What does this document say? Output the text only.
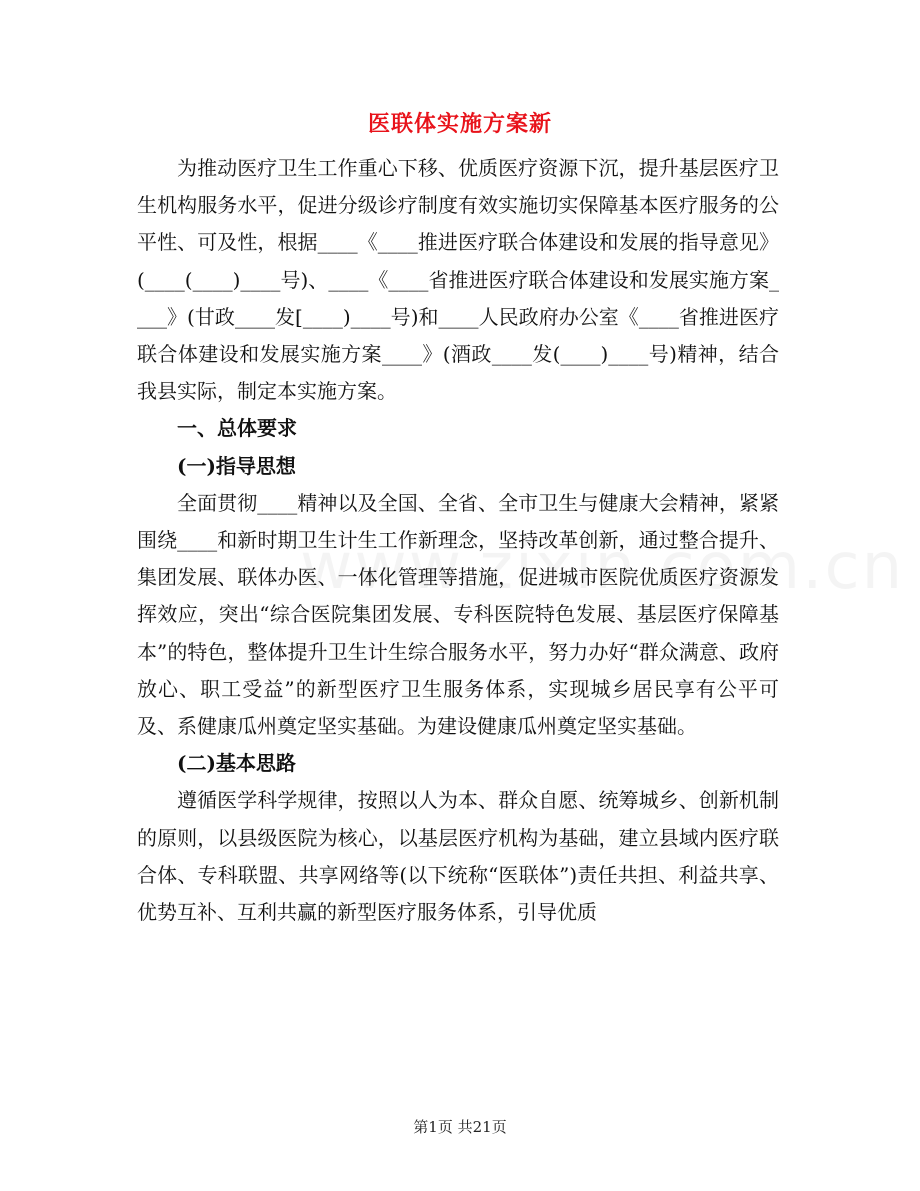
医联体实施方案新

为推动医疗卫生工作重心下移、优质医疗资源下沉，提升基层医疗卫生机构服务水平，促进分级诊疗制度有效实施切实保障基本医疗服务的公平性、可及性，根据____《____推进医疗联合体建设和发展的指导意见》(____(____)____号)、____《____省推进医疗联合体建设和发展实施方案____》(甘政____发[____)____号)和____人民政府办公室《____省推进医疗联合体建设和发展实施方案____》(酒政____发(____)____号)精神，结合我县实际，制定本实施方案。

一、总体要求

(一)指导思想

全面贯彻____精神以及全国、全省、全市卫生与健康大会精神，紧紧围绕____和新时期卫生计生工作新理念，坚持改革创新，通过整合提升、集团发展、联体办医、一体化管理等措施，促进城市医院优质医疗资源发挥效应，突出“综合医院集团发展、专科医院特色发展、基层医疗保障基本”的特色，整体提升卫生计生综合服务水平，努力办好“群众满意、政府放心、职工受益”的新型医疗卫生服务体系，实现城乡居民享有公平可及、系健康瓜州奠定坚实基础。为建设健康瓜州奠定坚实基础。

(二)基本思路

遵循医学科学规律，按照以人为本、群众自愿、统筹城乡、创新机制的原则，以县级医院为核心，以基层医疗机构为基础，建立县域内医疗联合体、专科联盟、共享网络等(以下统称“医联体”)责任共担、利益共享、优势互补、互利共赢的新型医疗服务体系，引导优质

第1页 共21页
